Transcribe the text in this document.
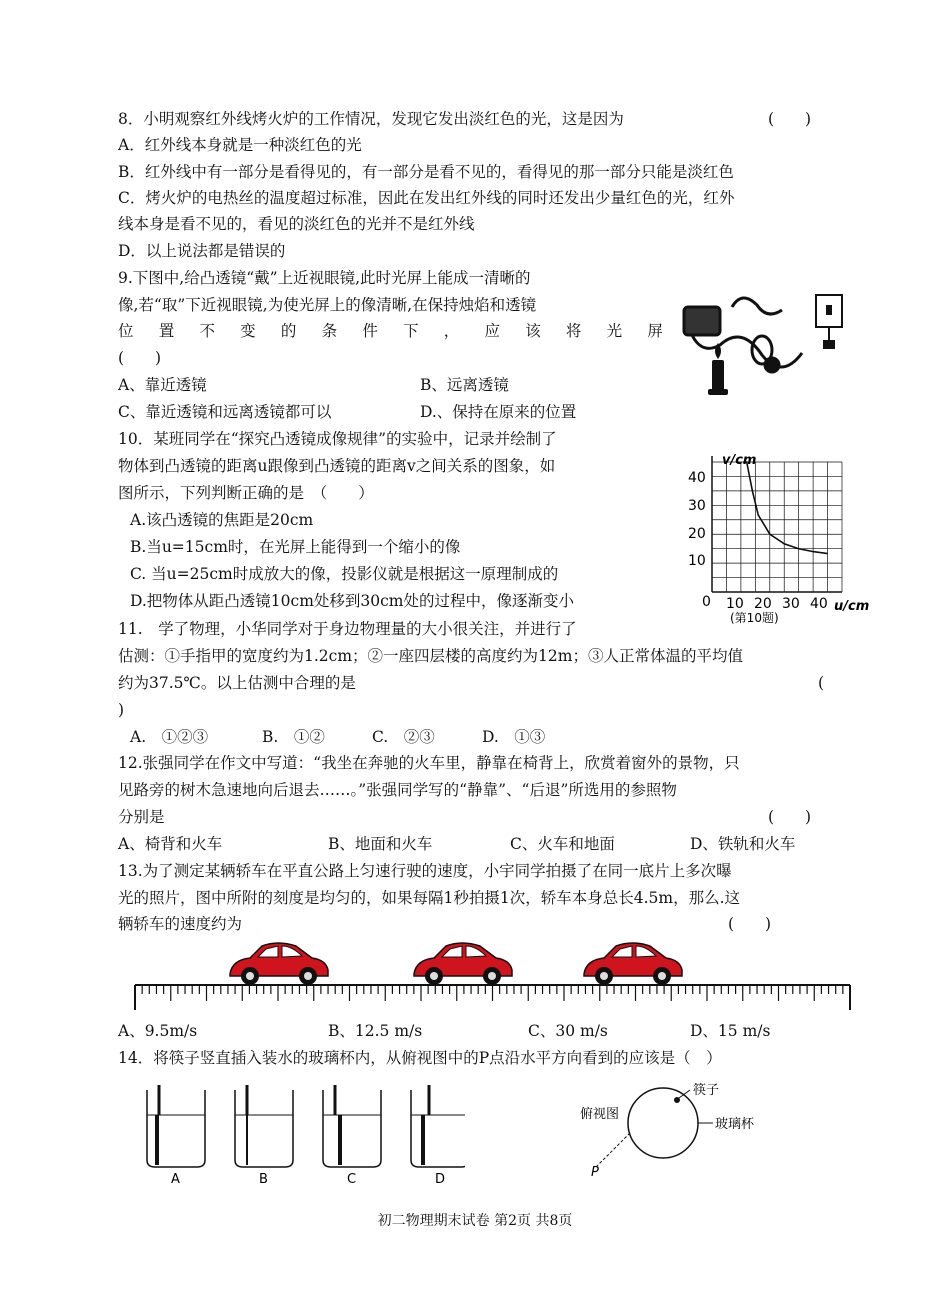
8．小明观察红外线烤火炉的工作情况，发现它发出淡红色的光，这是因为	(　　)
A．红外线本身就是一种淡红色的光
B．红外线中有一部分是看得见的，有一部分是看不见的，看得见的那一部分只能是淡红色
C．烤火炉的电热丝的温度超过标准，因此在发出红外线的同时还发出少量红色的光，红外
线本身是看不见的，看见的淡红色的光并不是红外线
D．以上说法都是错误的
9.下图中,给凸透镜“戴”上近视眼镜,此时光屏上能成一清晰的
像,若“取”下近视眼镜,为使光屏上的像清晰,在保持烛焰和透镜
位 置 不 变 的 条 件 下 ， 应 该 将 光 屏
(　　)
A、靠近透镜	B、远离透镜
C、靠近透镜和远离透镜都可以	D.、保持在原来的位置
10．某班同学在“探究凸透镜成像规律”的实验中，记录并绘制了
物体到凸透镜的距离u跟像到凸透镜的距离v之间关系的图象，如
图所示，下列判断正确的是　（　　）
A.该凸透镜的焦距是20cm
B.当u=15cm时，在光屏上能得到一个缩小的像
C. 当u=25cm时成放大的像，投影仪就是根据这一原理制成的
D.把物体从距凸透镜10cm处移到30cm处的过程中，像逐渐变小
v/cm
u/cm
0
40
30
20
10
10 20 30 40
(第10题)
11.　学了物理，小华同学对于身边物理量的大小很关注，并进行了
估测：①手指甲的宽度约为1.2cm；②一座四层楼的高度约为12m；③人正常体温的平均值
约为37.5℃。以上估测中合理的是	(
)
A.　①②③	B.　①②	C.　②③	D.　①③
12.张强同学在作文中写道：“我坐在奔驰的火车里，静靠在椅背上，欣赏着窗外的景物，只
见路旁的树木急速地向后退去……。”张强同学写的“静靠”、“后退”所选用的参照物
分别是	(　　)
A、椅背和火车	B、地面和火车	C、火车和地面	D、铁轨和火车
13.为了测定某辆轿车在平直公路上匀速行驶的速度，小宇同学拍摄了在同一底片上多次曝
光的照片，图中所附的刻度是均匀的，如果每隔1秒拍摄1次，轿车本身总长4.5m，那么.这
辆轿车的速度约为	(　　)
A、9.5m/s	B、12.5 m/s	C、30 m/s	D、15 m/s
14．将筷子竖直插入装水的玻璃杯内，从俯视图中的P点沿水平方向看到的应该是（　）
A	B	C	D
筷子
玻璃杯
俯视图
P
初二物理期末试卷 第2页 共8页
